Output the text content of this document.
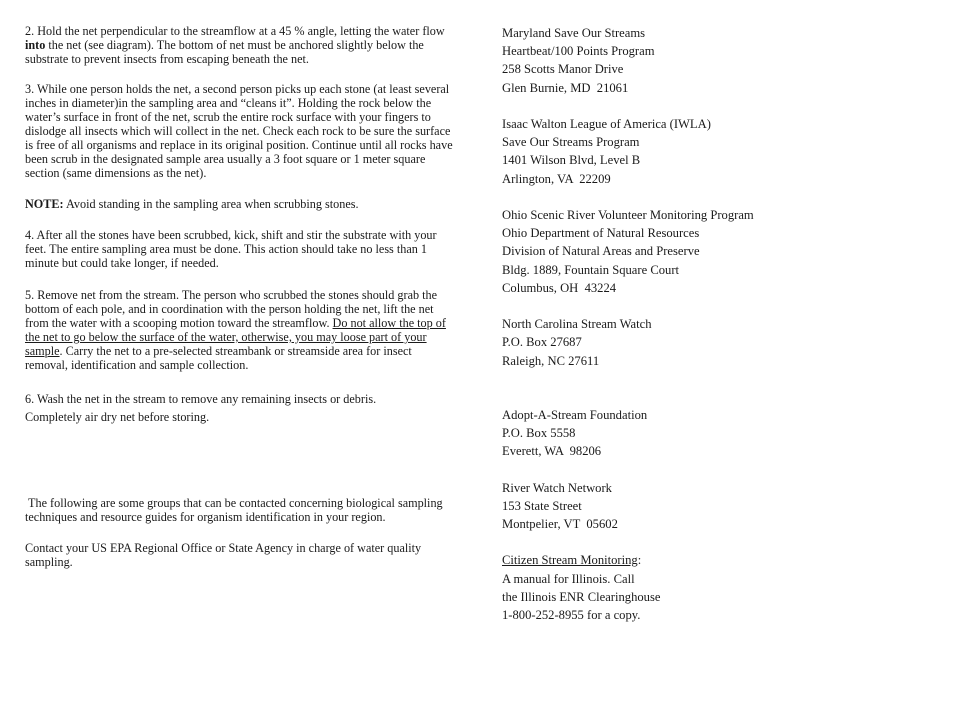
2. Hold the net perpendicular to the streamflow at a 45 % angle, letting the water flow into the net (see diagram). The bottom of net must be anchored slightly below the substrate to prevent insects from escaping beneath the net.

3. While one person holds the net, a second person picks up each stone (at least several inches in diameter)in the sampling area and “cleans it”. Holding the rock below the water’s surface in front of the net, scrub the entire rock surface with your fingers to dislodge all insects which will collect in the net. Check each rock to be sure the surface is free of all organisms and replace in its original position. Continue until all rocks have been scrub in the designated sample area usually a 3 foot square or 1 meter square section (same dimensions as the net).

NOTE: Avoid standing in the sampling area when scrubbing stones.

4. After all the stones have been scrubbed, kick, shift and stir the substrate with your feet. The entire sampling area must be done. This action should take no less than 1 minute but could take longer, if needed.

5. Remove net from the stream. The person who scrubbed the stones should grab the bottom of each pole, and in coordination with the person holding the net, lift the net from the water with a scooping motion toward the streamflow. Do not allow the top of the net to go below the surface of the water, otherwise, you may loose part of your sample. Carry the net to a pre-selected streambank or streamside area for insect removal, identification and sample collection.

6. Wash the net in the stream to remove any remaining insects or debris.
Completely air dry net before storing.

The following are some groups that can be contacted concerning biological sampling techniques and resource guides for organism identification in your region.

Contact your US EPA Regional Office or State Agency in charge of water quality sampling.

Maryland Save Our Streams
Heartbeat/100 Points Program
258 Scotts Manor Drive
Glen Burnie, MD  21061
Isaac Walton League of America (IWLA)
Save Our Streams Program
1401 Wilson Blvd, Level B
Arlington, VA  22209
Ohio Scenic River Volunteer Monitoring Program
Ohio Department of Natural Resources
Division of Natural Areas and Preserve
Bldg. 1889, Fountain Square Court
Columbus, OH  43224
North Carolina Stream Watch
P.O. Box 27687
Raleigh, NC 27611
Adopt-A-Stream Foundation
P.O. Box 5558
Everett, WA  98206
River Watch Network
153 State Street
Montpelier, VT  05602
Citizen Stream Monitoring:
A manual for Illinois. Call
the Illinois ENR Clearinghouse
1-800-252-8955 for a copy.
